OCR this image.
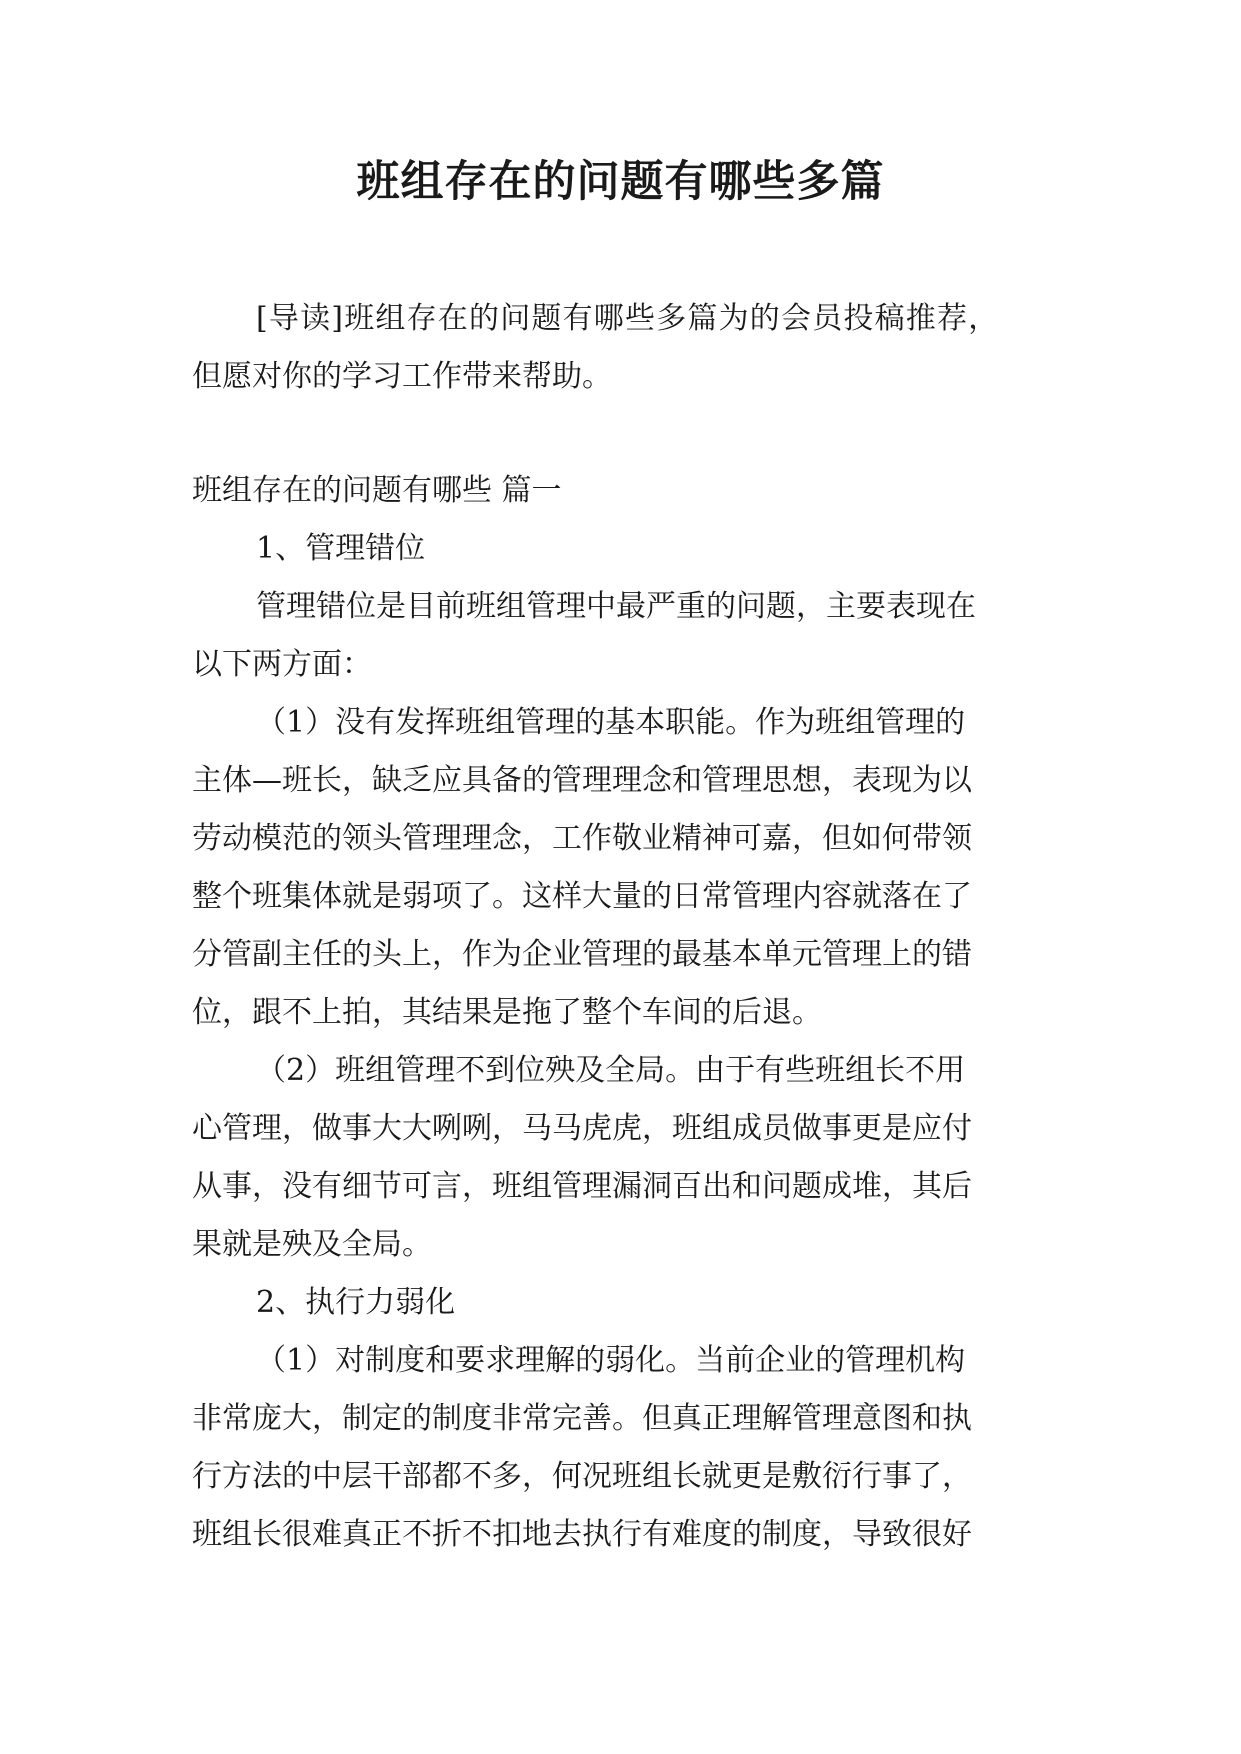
班组存在的问题有哪些多篇

[导读]班组存在的问题有哪些多篇为的会员投稿推荐，

但愿对你的学习工作带来帮助。

班组存在的问题有哪些 篇一

1、管理错位

管理错位是目前班组管理中最严重的问题，主要表现在

以下两方面：

（1）没有发挥班组管理的基本职能。作为班组管理的

主体—班长，缺乏应具备的管理理念和管理思想，表现为以

劳动模范的领头管理理念，工作敬业精神可嘉，但如何带领

整个班集体就是弱项了。这样大量的日常管理内容就落在了

分管副主任的头上，作为企业管理的最基本单元管理上的错

位，跟不上拍，其结果是拖了整个车间的后退。

（2）班组管理不到位殃及全局。由于有些班组长不用

心管理，做事大大咧咧，马马虎虎，班组成员做事更是应付

从事，没有细节可言，班组管理漏洞百出和问题成堆，其后

果就是殃及全局。

2、执行力弱化

（1）对制度和要求理解的弱化。当前企业的管理机构

非常庞大，制定的制度非常完善。但真正理解管理意图和执

行方法的中层干部都不多，何况班组长就更是敷衍行事了，

班组长很难真正不折不扣地去执行有难度的制度，导致很好
